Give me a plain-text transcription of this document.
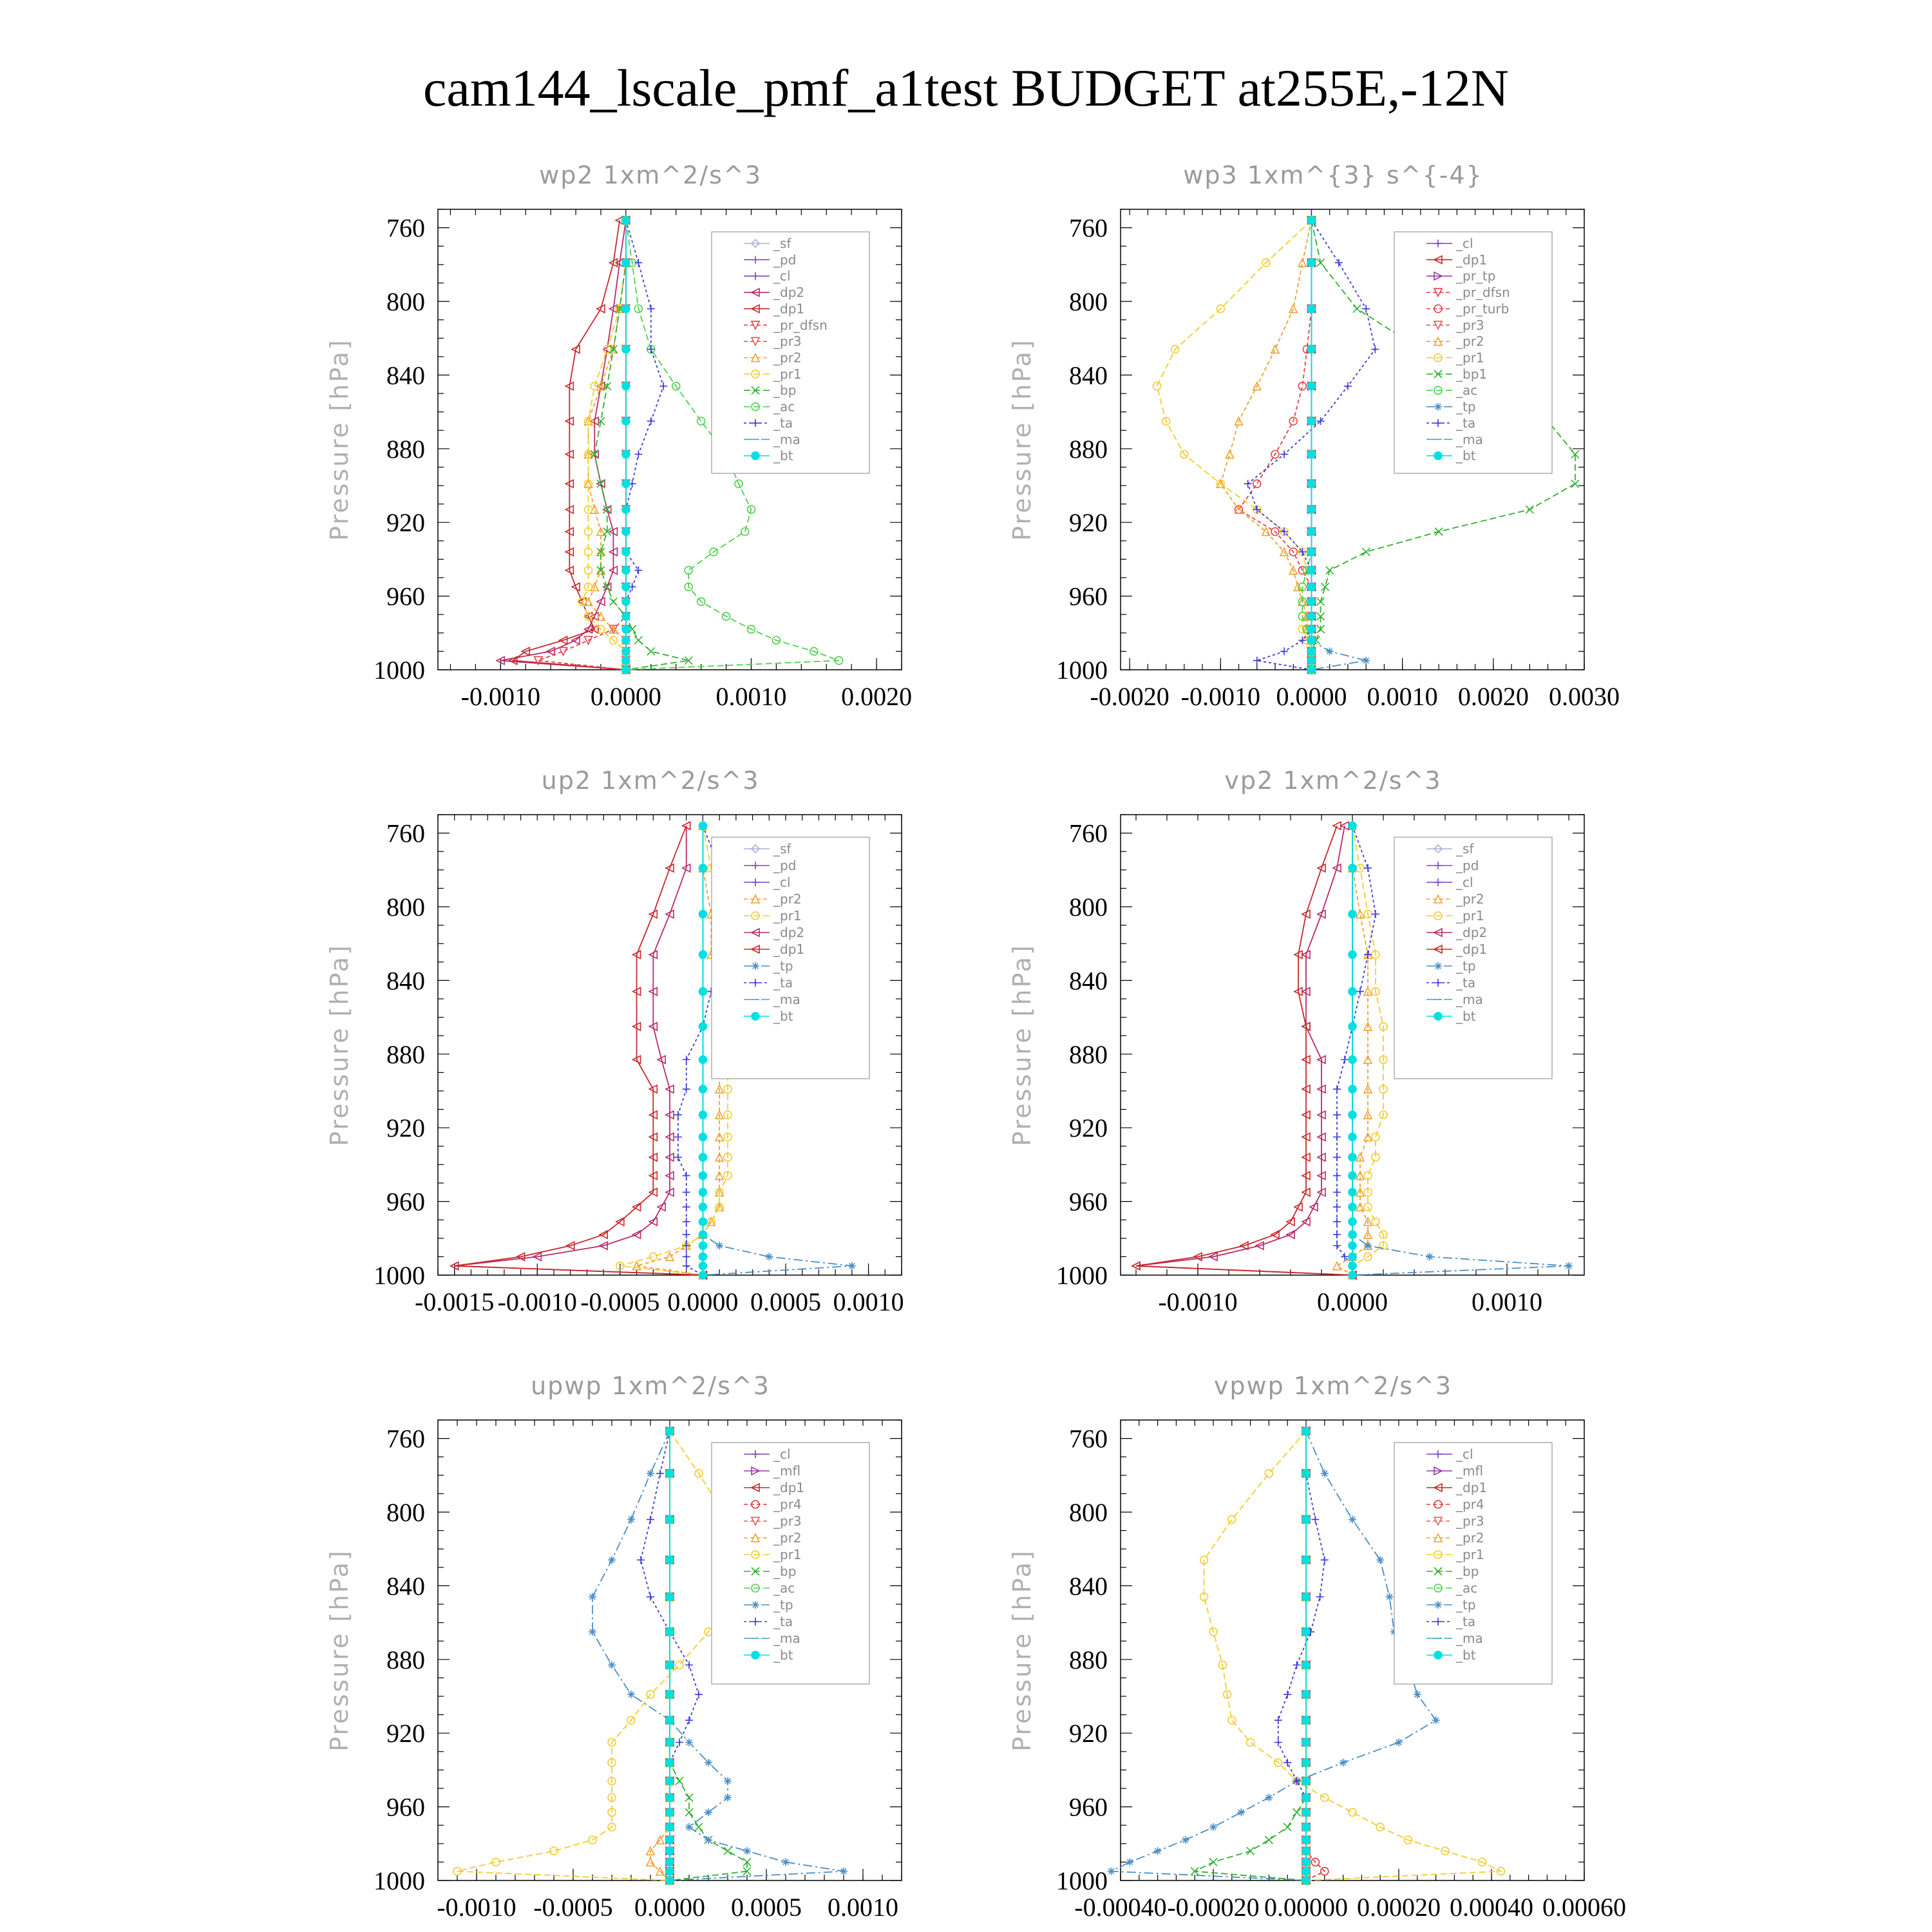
cam144_lscale_pmf_a1test BUDGET at255E,-12N
wp2 1xm^2/s^3
Pressure [hPa]
760
800
840
880
920
960
1000
-0.0010 0.0000 0.0010 0.0020
_sf
_pd
_cl
_dp2
_dp1
_pr_dfsn
_pr3
_pr2
_pr1
_bp
_ac
_ta
_ma
_bt
wp3 1xm^{3} s^{-4}
Pressure [hPa]
760
800
840
880
920
960
1000
-0.0020 -0.0010 0.0000 0.0010 0.0020 0.0030
_cl
_dp1
_pr_tp
_pr_dfsn
_pr_turb
_pr3
_pr2
_pr1
_bp1
_ac
_tp
_ta
_ma
_bt
up2 1xm^2/s^3
Pressure [hPa]
760
800
840
880
920
960
1000
-0.0015 -0.0010 -0.0005 0.0000 0.0005 0.0010
_sf
_pd
_cl
_pr2
_pr1
_dp2
_dp1
_tp
_ta
_ma
_bt
vp2 1xm^2/s^3
Pressure [hPa]
760
800
840
880
920
960
1000
-0.0010	0.0000	0.0010
_sf
_pd
_cl
_pr2
_pr1
_dp2
_dp1
_tp
_ta
_ma
_bt
upwp 1xm^2/s^3
Pressure [hPa]
760
800
840
880
920
960
1000
-0.0010 -0.0005 0.0000 0.0005 0.0010
_cl
_mfl
_dp1
_pr4
_pr3
_pr2
_pr1
_bp
_ac
_tp
_ta
_ma
_bt
vpwp 1xm^2/s^3
Pressure [hPa]
760
800
840
880
920
960
1000
-0.00040 -0.00020 0.00000 0.00020 0.00040 0.00060
_cl
_mfl
_dp1
_pr4
_pr3
_pr2
_pr1
_bp
_ac
_tp
_ta
_ma
_bt
